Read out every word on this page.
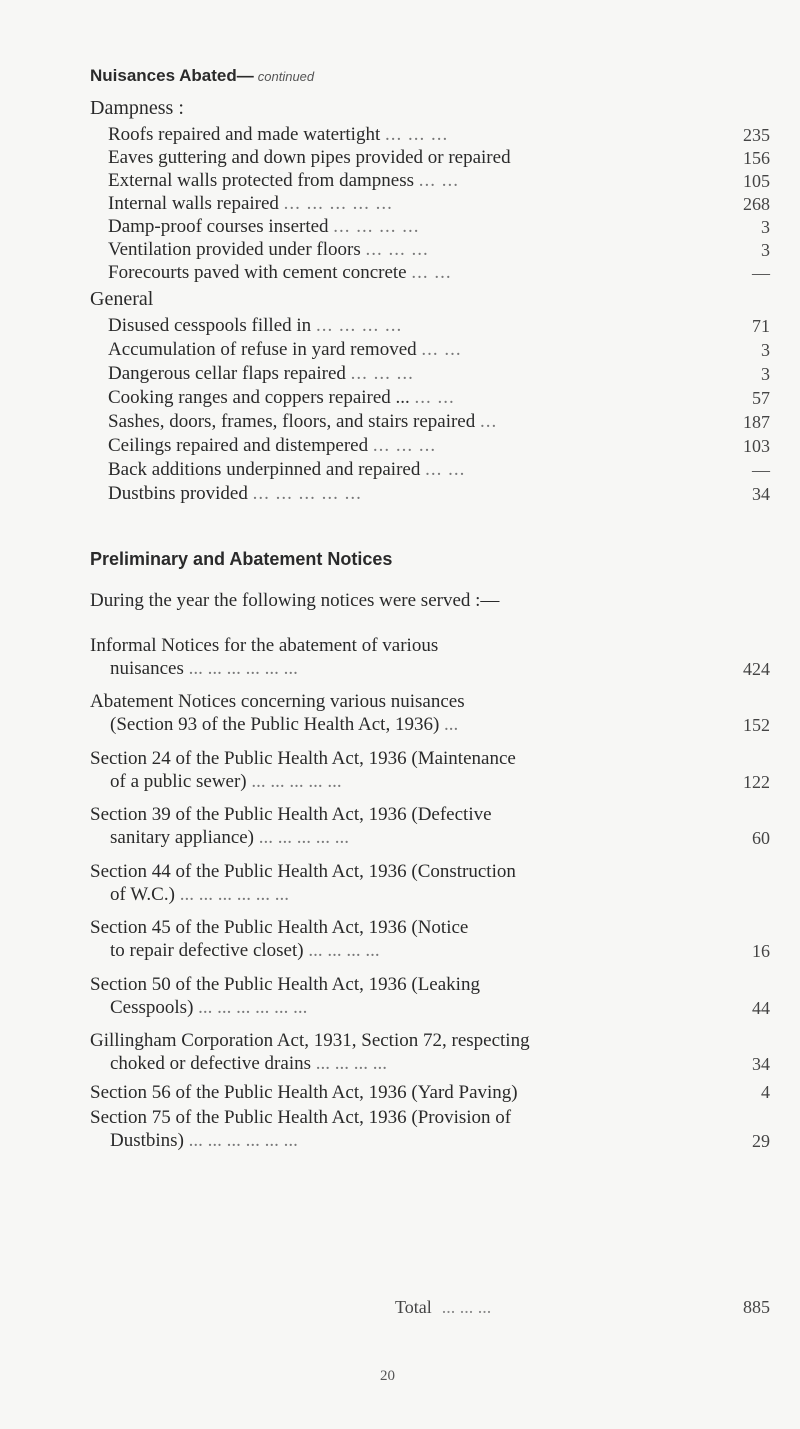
Nuisances Abated— continued
Dampness :
Roofs repaired and made watertight ... ... ...	235
Eaves guttering and down pipes provided or repaired	156
External walls protected from dampness ... ...	105
Internal walls repaired ... ... ... ... ...	268
Damp-proof courses inserted ... ... ... ...	3
Ventilation provided under floors ... ... ...	3
Forecourts paved with cement concrete ... ...	—
General
Disused cesspools filled in ... ... ... ...	71
Accumulation of refuse in yard removed ... ...	3
Dangerous cellar flaps repaired ... ... ...	3
Cooking ranges and coppers repaired ... ... ...	57
Sashes, doors, frames, floors, and stairs repaired ...	187
Ceilings repaired and distempered ... ... ...	103
Back additions underpinned and repaired ... ...	—
Dustbins provided ... ... ... ... ...	34
Preliminary and Abatement Notices
During the year the following notices were served :—
Informal Notices for the abatement of various
nuisances ... ... ... ... ... ...	424
Abatement Notices concerning various nuisances
(Section 93 of the Public Health Act, 1936) ...	152
Section 24 of the Public Health Act, 1936 (Maintenance
of a public sewer) ... ... ... ... ...	122
Section 39 of the Public Health Act, 1936 (Defective
sanitary appliance) ... ... ... ... ...	60
Section 44 of the Public Health Act, 1936 (Construction
of W.C.) ... ... ... ... ... ...
Section 45 of the Public Health Act, 1936 (Notice
to repair defective closet) ... ... ... ...	16
Section 50 of the Public Health Act, 1936 (Leaking
Cesspools) ... ... ... ... ... ...	44
Gillingham Corporation Act, 1931, Section 72, respecting
choked or defective drains ... ... ... ...	34
Section 56 of the Public Health Act, 1936 (Yard Paving)	4
Section 75 of the Public Health Act, 1936 (Provision of
Dustbins) ... ... ... ... ... ...	29
Total ... ... ...	885
20
